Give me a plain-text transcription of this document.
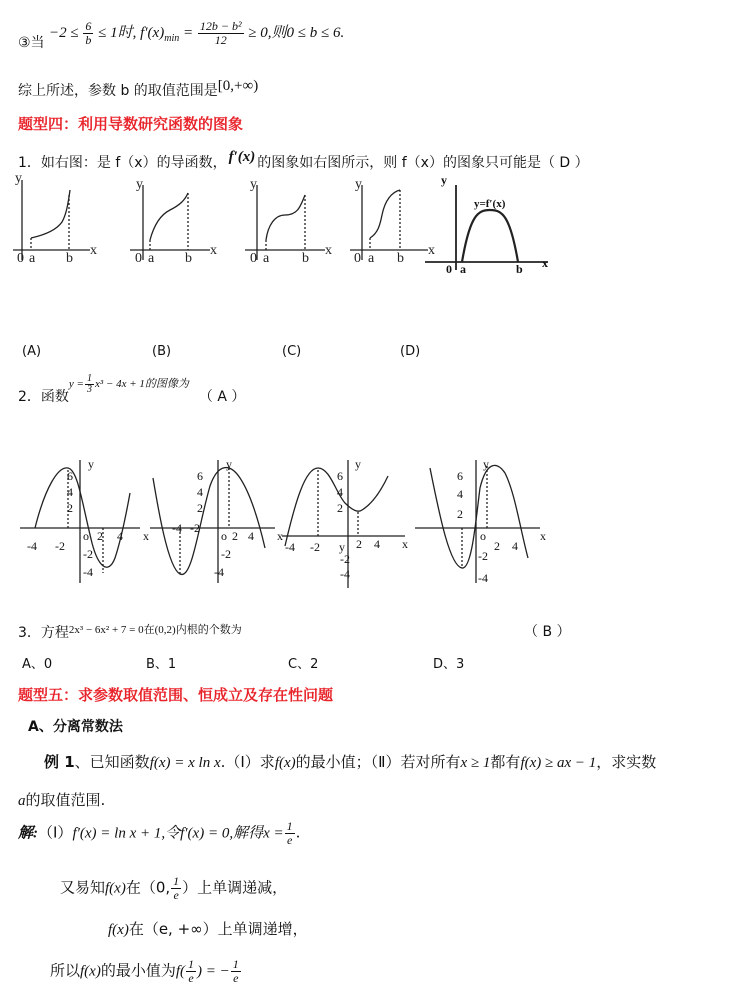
③当 $-2 \le \frac{6}{b} \le 1$时, $f'(x)_{min} = \frac{\text{12b − b²}}{12} \ge 0$,则0 ≤ b ≤ 6.
综上所述，参数 b 的取值范围是[0,+∞)
题型四：利用导数研究函数的图象
1．如右图：是 f（x）的导函数， f′(x) 的图象如右图所示，则 f（x）的图象只可能是（ D ）
y
x
0 a b
y
x
0 a b
y
x
0 a b
y
x
0 a b
y
x
0 a	b
y=f′(x)
(A)	(B)	(C)	(D)
2．函数$y = \frac{1}{3} x^3 - 4x + 1$的图像为（ A ）
y
x
6
4
2
-4 -2
o
-2
-4
2 4
y
x
6
4
2
-4 -2
o
-2
-4
2 4
y
x
6
4
2
-4 -2 y
-2
-4
2 4
y
x
6
4
2
o
-2
-4
2 4
3．方程2x³ − 6x² + 7 = 0在(0,2)内根的个数为	（ B ）
A、0	B、1	C、2	D、3
题型五：求参数取值范围、恒成立及存在性问题
A、分离常数法
例 1、已知函数f(x) = x ln x.（Ⅰ）求f(x)的最小值；（Ⅱ）若对所有x ≥ 1都有f(x) ≥ ax − 1，求实数
a的取值范围.
解:（Ⅰ）f′(x) = ln x + 1,令f′(x) = 0,解得$x = \frac{1}{e}$ .
又易知f(x)在（0, $\frac{1}{e}$ ）上单调递减，
f(x)在（e, +∞）上单调递增，
所以f(x)的最小值为$f( \frac{1}{e}$ ) = − $\frac{1}{e}$
